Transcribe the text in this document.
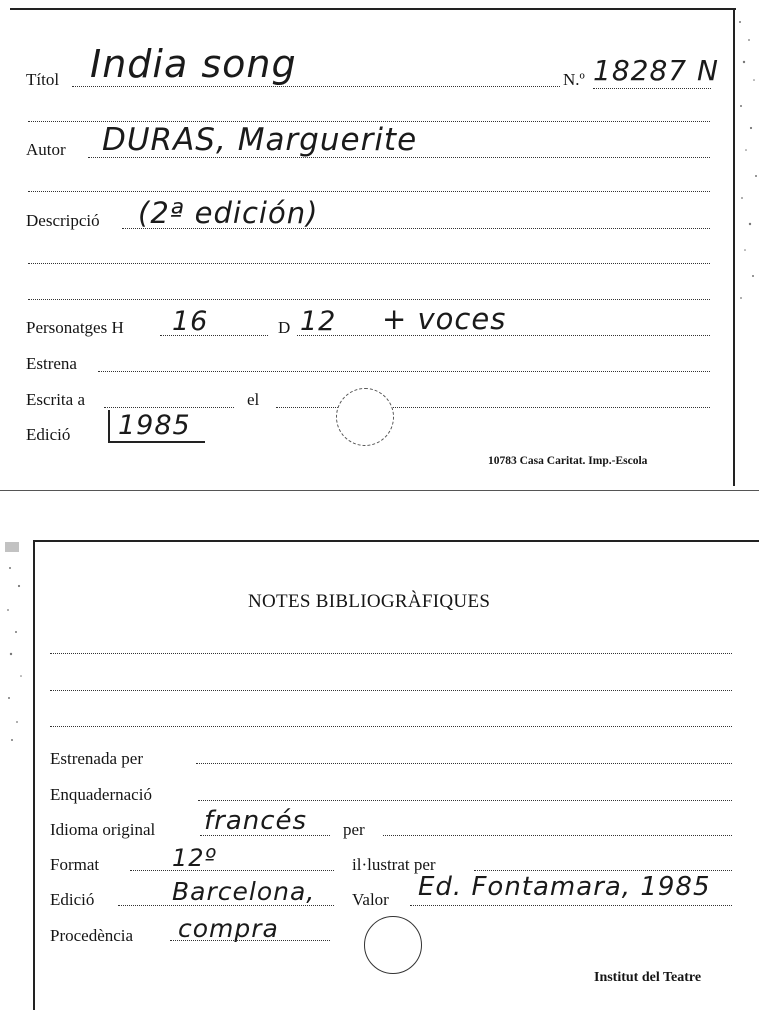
Títol India song	N.º 18287 N
Autor DURAS, Marguerite
Descripció (2ª edición)
Personatges H 16	D 12 + voces
Estrena
Escrita a	el
Edició	1985
10783 Casa Caritat. Imp.-Escola
NOTES BIBLIOGRÀFIQUES
Estrenada per
Enquadernació
Idioma original francés per
Format	12º	il·lustrat per
Edició	Barcelona, Valor Ed. Fontamara, 1985
Procedència compra
Institut del Teatre
